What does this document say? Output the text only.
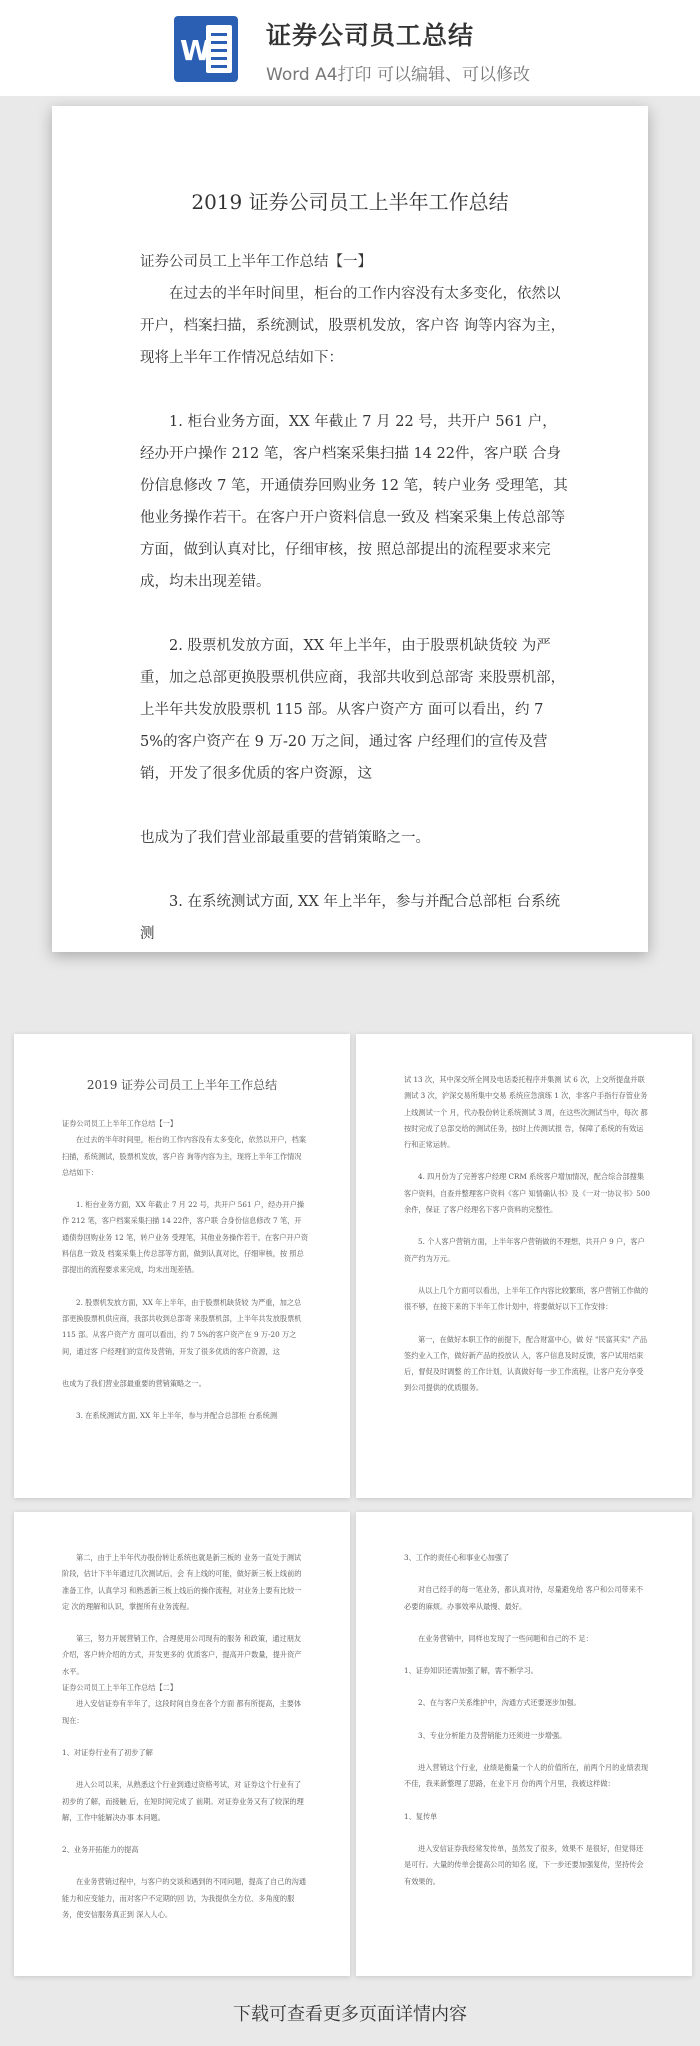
W 证券公司员工总结
Word A4打印 可以编辑、可以修改
2019 证券公司员工上半年工作总结

证券公司员工上半年工作总结【一】

在过去的半年时间里，柜台的工作内容没有太多变化，依然以开户，档案扫描，系统测试，股票机发放，客户咨 询等内容为主，现将上半年工作情况总结如下：

1. 柜台业务方面，XX 年截止 7 月 22 号，共开户 561 户，经办开户操作 212 笔，客户档案采集扫描 14 22件，客户联 合身份信息修改 7 笔，开通债券回购业务 12 笔，转户业务 受理笔，其他业务操作若干。在客户开户资料信息一致及 档案采集上传总部等方面，做到认真对比，仔细审核，按 照总部提出的流程要求来完成，均未出现差错。

2. 股票机发放方面，XX 年上半年，由于股票机缺货较 为严重，加之总部更换股票机供应商，我部共收到总部寄 来股票机部，上半年共发放股票机 115 部。从客户资产方 面可以看出，约 7 5%的客户资产在 9 万-20 万之间，通过客 户经理们的宣传及营销，开发了很多优质的客户资源，这

也成为了我们营业部最重要的营销策略之一。

3. 在系统测试方面, XX 年上半年，参与并配合总部柜 台系统测

2019 证券公司员工上半年工作总结

证券公司员工上半年工作总结【一】

在过去的半年时间里，柜台的工作内容没有太多变化，依然以开户，档案扫描，系统测试，股票机发放，客户咨 询等内容为主，现将上半年工作情况总结如下：

1. 柜台业务方面，XX 年截止 7 月 22 号，共开户 561 户，经办开户操作 212 笔，客户档案采集扫描 14 22件，客户联 合身份信息修改 7 笔，开通债券回购业务 12 笔，转户业务 受理笔，其他业务操作若干。在客户开户资料信息一致及 档案采集上传总部等方面，做到认真对比，仔细审核，按 照总部提出的流程要求来完成，均未出现差错。

2. 股票机发放方面，XX 年上半年，由于股票机缺货较 为严重，加之总部更换股票机供应商，我部共收到总部寄 来股票机部，上半年共发放股票机 115 部。从客户资产方 面可以看出，约 7 5%的客户资产在 9 万-20 万之间，通过客 户经理们的宣传及营销，开发了很多优质的客户资源，这

也成为了我们营业部最重要的营销策略之一。

3. 在系统测试方面, XX 年上半年，参与并配合总部柜 台系统测

试 13 次，其中深交所全网及电话委托程序并集测 试 6 次，上交所提盘并联测试 3 次，沪深交易所集中交易 系统应急演练 1 次，非客户手指行存管业务上线测试一个 月，代办股份转让系统测试 3 周，在这些次测试当中，每次 都按时完成了总部交给的测试任务，按时上传测试报 告，保障了系统的有效运行和正常运转。

4. 四月份为了完善客户经理 CRM 系统客户增加情况，配合综合部搜集客户资料，自查并整理客户资料《客户 知情确认书》及《一对一协议书》500 余件，保证 了客户经理名下客户资料的完整性。

5. 个人客户营销方面，上半年客户营销做的不理想，共开户 9 户，客户资产约为万元。

从以上几个方面可以看出，上半年工作内容比较繁琐，客户营销工作做的很不够，在接下来的下半年工作计划中，将要做好以下工作安排：

第一，在做好本职工作的前提下，配合财富中心，做 好 "民富其实" 产品签约业入工作，做好新产品的投放认 入，客户信息及时反馈，客户试用结束后，督促及时调整 的工作计划，认真做好每一步工作流程，让客户充分享受 到公司提供的优质服务。

第二，由于上半年代办股份转让系统也就是新三板的 业务一直处于测试阶段，估计下半年通过几次测试后，会 有上线的可能，做好新三板上线前的准备工作，认真学习 和熟悉新三板上线后的操作流程，对业务上要有比较一定 次的理解和认识，掌握所有业务流程。

第三，努力开展营销工作，合理使用公司现有的服务 和政策，通过朋友介绍，客户转介绍的方式，开发更多的 优质客户，提高开户数量，提升资产水平。

证券公司员工上半年工作总结【二】

进入安信证券有半年了，这段时间自身在各个方面 都有所提高，主要体现在：

1、对证券行业有了初步了解

进入公司以来，从熟悉这个行业到通过资格考试，对 证券这个行业有了初步的了解，而接触 后，在短时间完成了 前期。对证券业务又有了较深的理解，工作中能解决办事 本问题。

2、业务开拓能力的提高

在业务营销过程中，与客户的交谈和遇到的不同问题，提高了自己的沟通能力和应变能力，而对客户不定期的回 访，为我提供全方位、多角度的服务，使安信服务真正到 深入人心。

3、工作的责任心和事业心加强了

对自己经手的每一笔业务，都认真对待，尽量避免给 客户和公司带来不必要的麻烦。办事效率从最慢、最好。

在业务营销中，同样也发现了一些问题和自己的不 足：

1、证券知识还需加强了解，需不断学习。

2、在与客户关系维护中，沟通方式还要逐步加强。

3、专业分析能力及营销能力还须进一步增强。

进入营销这个行业，业绩是衡量一个人的价值所在，前两个月的业绩表现不佳，我来新整理了思路，在业下月 份的两个月里，我被这样做：

1、复传单

进入安信证券我经常发传单，虽然发了很多，效果不 是很好，但觉得还是可行。大量的传单会提高公司的知名 度，下一步还要加强复传，坚持传会有效果的。

下载可查看更多页面详情内容
